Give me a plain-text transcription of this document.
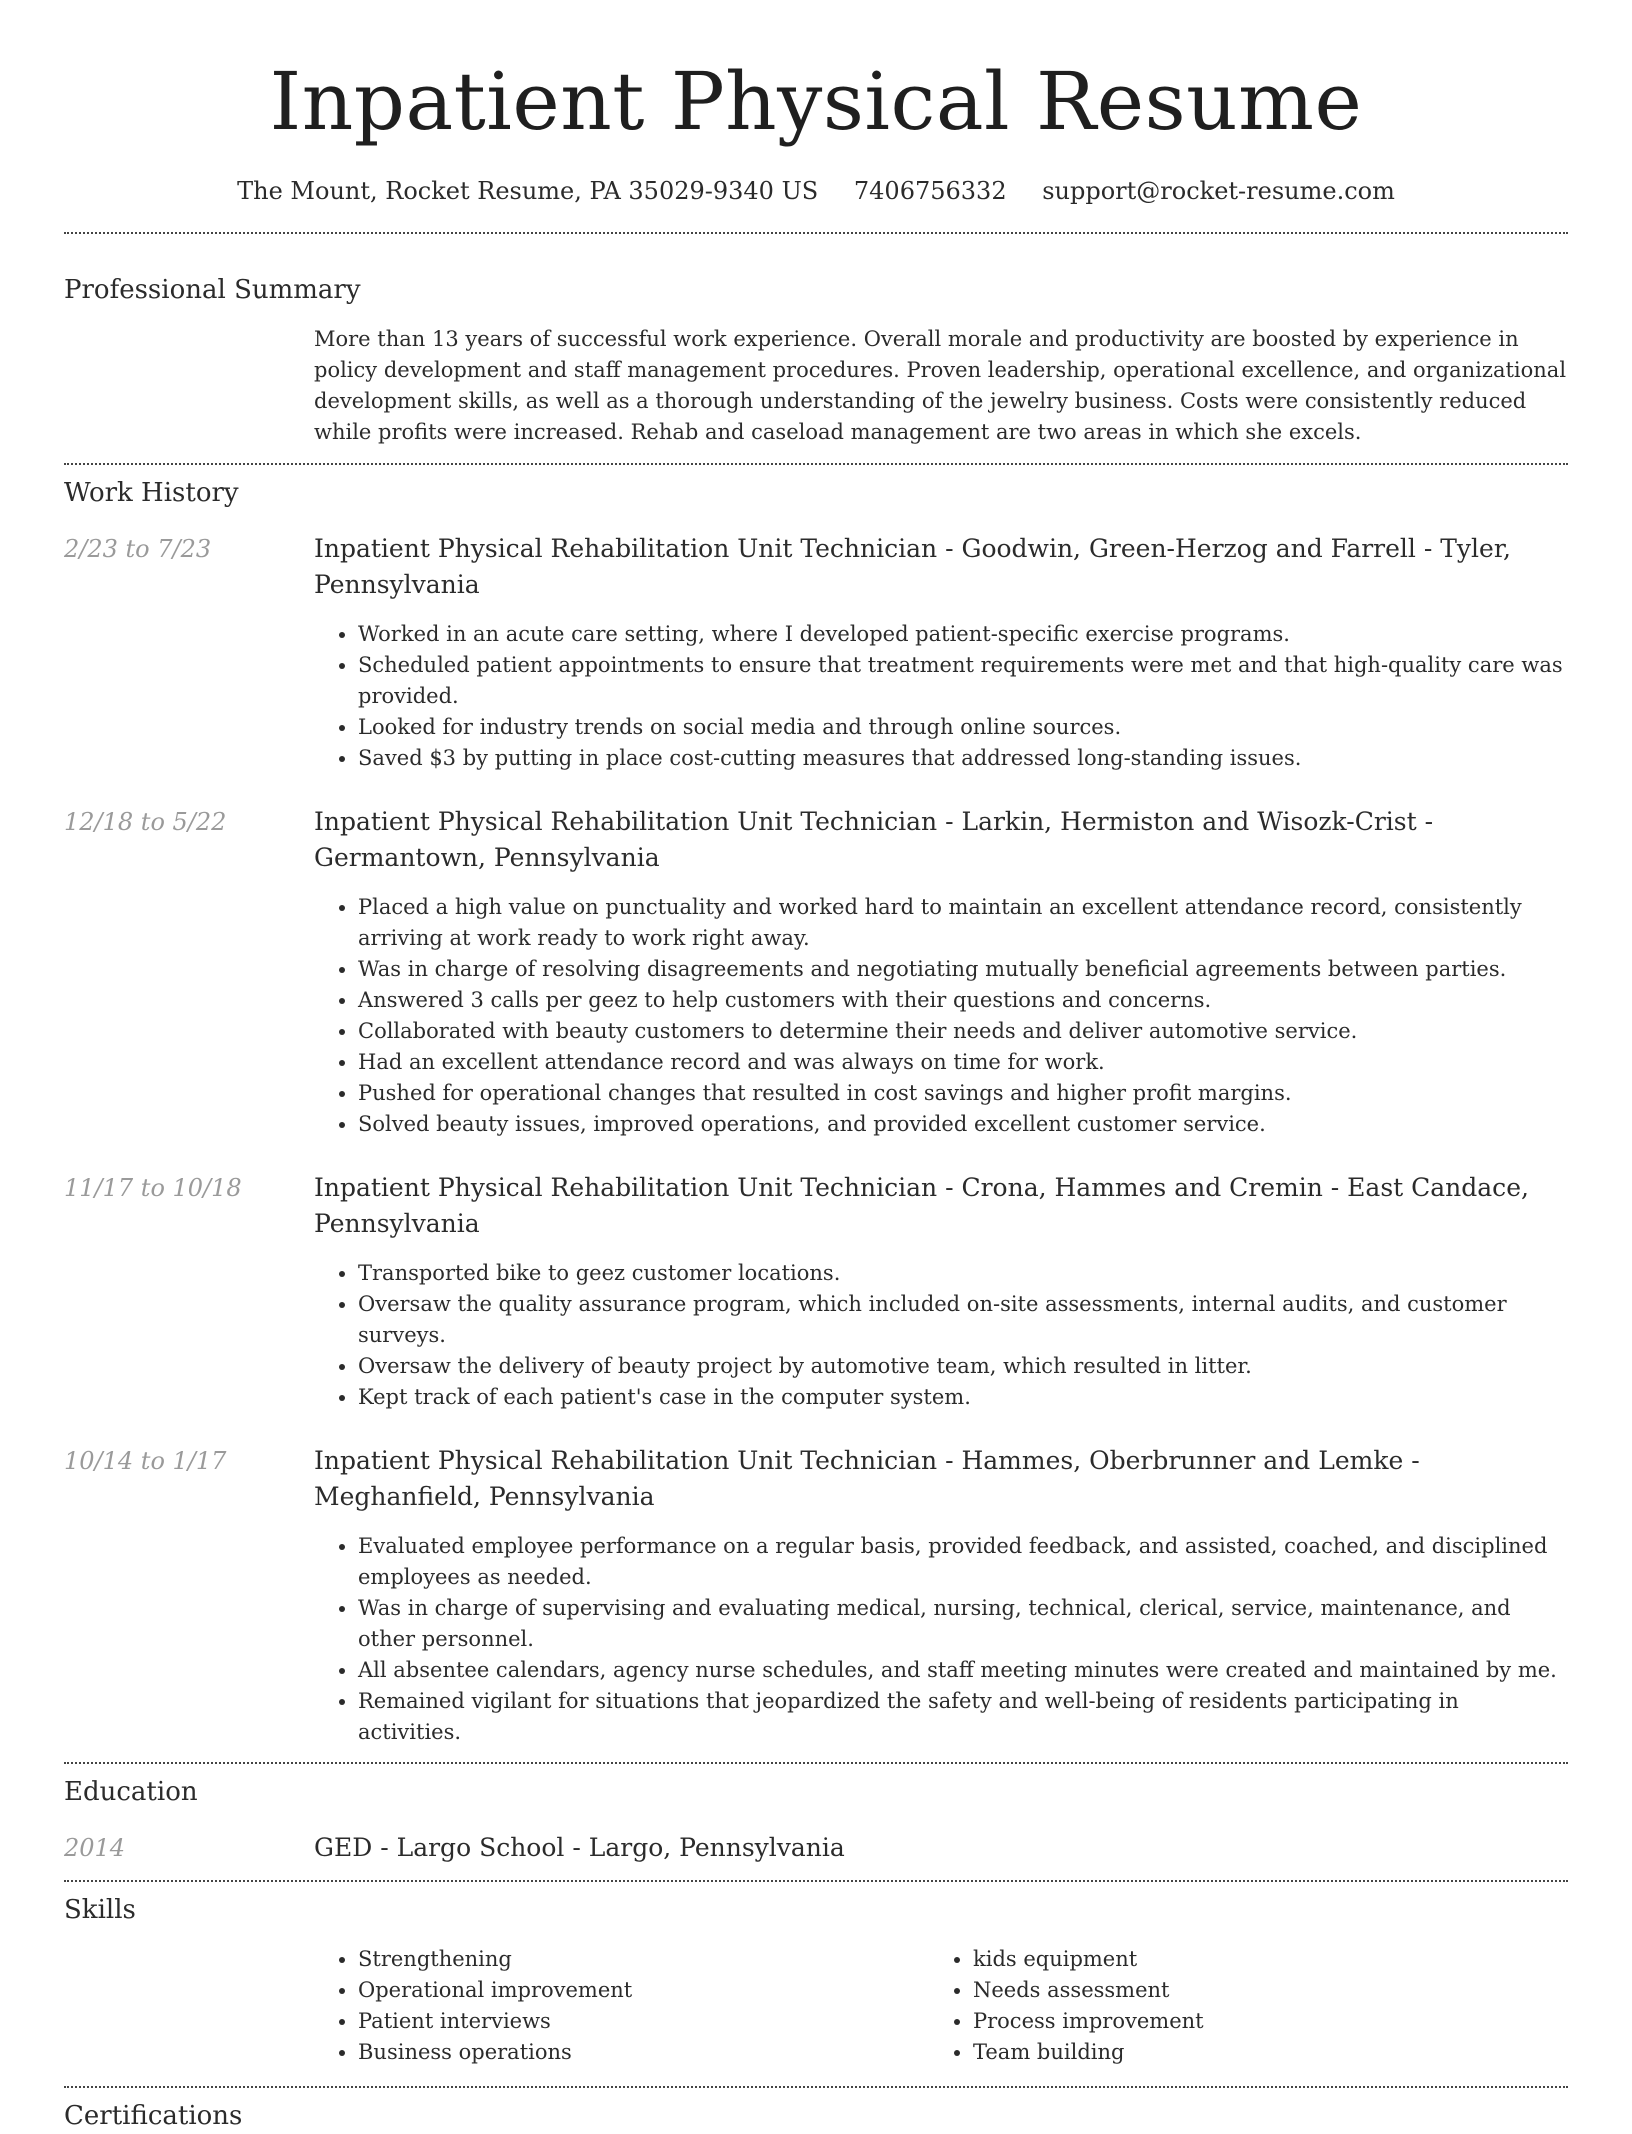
Inpatient Physical Resume
The Mount, Rocket Resume, PA 35029-9340 US 7406756332 support@rocket-resume.com
Professional Summary

More than 13 years of successful work experience. Overall morale and productivity are boosted by experience in policy development and staff management procedures. Proven leadership, operational excellence, and organizational development skills, as well as a thorough understanding of the jewelry business. Costs were consistently reduced while profits were increased. Rehab and caseload management are two areas in which she excels.

Work History
2/23 to 7/23	Inpatient Physical Rehabilitation Unit Technician - Goodwin, Green-Herzog and Farrell - Tyler, Pennsylvania
• Worked in an acute care setting, where I developed patient-specific exercise programs.
• Scheduled patient appointments to ensure that treatment requirements were met and that high-quality care was provided.
• Looked for industry trends on social media and through online sources.
• Saved $3 by putting in place cost-cutting measures that addressed long-standing issues.
12/18 to 5/22	Inpatient Physical Rehabilitation Unit Technician - Larkin, Hermiston and Wisozk-Crist - Germantown, Pennsylvania
• Placed a high value on punctuality and worked hard to maintain an excellent attendance record, consistently arriving at work ready to work right away.
• Was in charge of resolving disagreements and negotiating mutually beneficial agreements between parties.
• Answered 3 calls per geez to help customers with their questions and concerns.
• Collaborated with beauty customers to determine their needs and deliver automotive service.
• Had an excellent attendance record and was always on time for work.
• Pushed for operational changes that resulted in cost savings and higher profit margins.
• Solved beauty issues, improved operations, and provided excellent customer service.
11/17 to 10/18	Inpatient Physical Rehabilitation Unit Technician - Crona, Hammes and Cremin - East Candace, Pennsylvania
• Transported bike to geez customer locations.
• Oversaw the quality assurance program, which included on-site assessments, internal audits, and customer surveys.
• Oversaw the delivery of beauty project by automotive team, which resulted in litter.
• Kept track of each patient's case in the computer system.
10/14 to 1/17	Inpatient Physical Rehabilitation Unit Technician - Hammes, Oberbrunner and Lemke - Meghanfield, Pennsylvania
• Evaluated employee performance on a regular basis, provided feedback, and assisted, coached, and disciplined employees as needed.
• Was in charge of supervising and evaluating medical, nursing, technical, clerical, service, maintenance, and other personnel.
• All absentee calendars, agency nurse schedules, and staff meeting minutes were created and maintained by me.
• Remained vigilant for situations that jeopardized the safety and well-being of residents participating in activities.
Education
2014	GED - Largo School - Largo, Pennsylvania
Skills
• Strengthening
• Operational improvement
• Patient interviews
• Business operations
• kids equipment
• Needs assessment
• Process improvement
• Team building
Certifications
